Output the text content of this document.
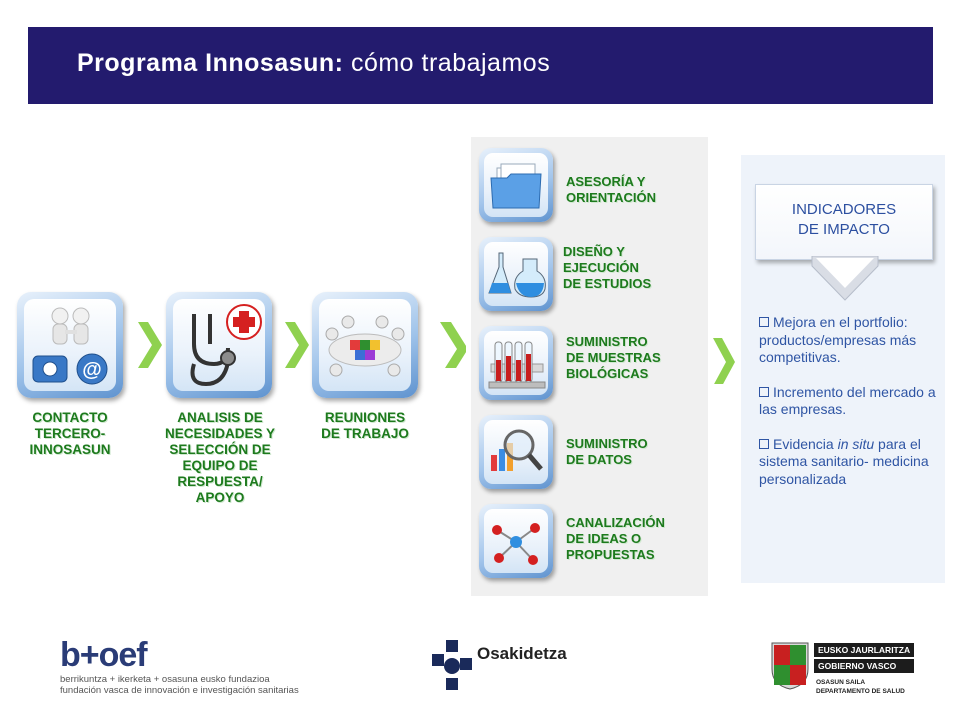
Programa Innosasun: cómo trabajamos
@
CONTACTO
TERCERO-
INNOSASUN
ANALISIS DE
NECESIDADES Y
SELECCIÓN DE
EQUIPO DE
RESPUESTA/
APOYO
REUNIONES
DE TRABAJO
ASESORÍA Y
ORIENTACIÓN
DISEÑO Y
EJECUCIÓN
DE ESTUDIOS
SUMINISTRO
DE MUESTRAS
BIOLÓGICAS
SUMINISTRO
DE DATOS
CANALIZACIÓN
DE IDEAS O
PROPUESTAS
INDICADORES
DE IMPACTO
Mejora en el portfolio: productos/empresas más competitivas.
Incremento del mercado a las empresas.
Evidencia in situ para el sistema sanitario- medicina personalizada
b+oef
berrikuntza + ikerketa + osasuna eusko fundazioa
fundación vasca de innovación e investigación sanitarias
Osakidetza	EUSKO JAURLARITZA
GOBIERNO VASCO
OSASUN SAILA
DEPARTAMENTO DE SALUD
